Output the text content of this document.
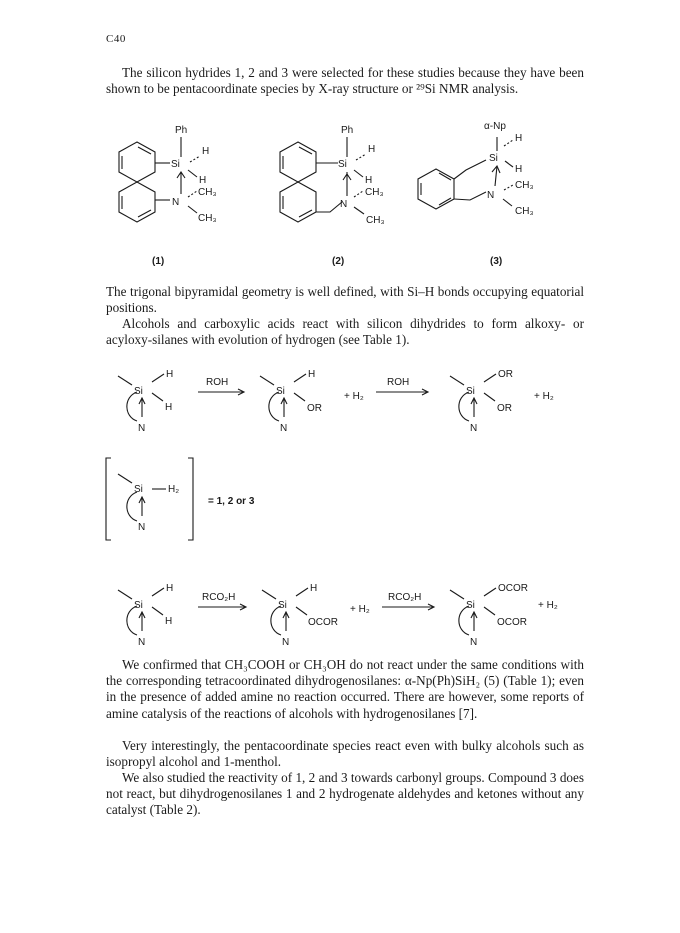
C40

The silicon hydrides 1, 2 and 3 were selected for these studies because they have been shown to be pentacoordinate species by X-ray structure or ²⁹Si NMR analysis.

Ph
H
Si
H
N
CH₃
CH₃
(1)
Ph
H
Si
H
N
CH₃
CH₃
(2)
α-Np
H
Si
H
N
CH₃
CH₃
(3)

The trigonal bipyramidal geometry is well defined, with Si–H bonds occupying equatorial positions.

Alcohols and carboxylic acids react with silicon dihydrides to form alkoxy- or acyloxy-silanes with evolution of hydrogen (see Table 1).

Si
H
H
N
ROH
Si
H
OR
N
+ H₂
ROH
Si
OR
OR
N
+ H₂
Si	H₂
N
= 1, 2 or 3
Si
H
H
N
RCO₂H
Si
H
OCOR
N
+ H₂
RCO₂H
Si
OCOR
OCOR
N
+ H₂

We confirmed that CH₃COOH or CH₃OH do not react under the same conditions with the corresponding tetracoordinated dihydrogenosilanes: α-Np(Ph)SiH₂ (5) (Table 1); even in the presence of added amine no reaction occurred. There are however, some reports of amine catalysis of the reactions of alcohols with hydrogenosilanes [7].

Very interestingly, the pentacoordinate species react even with bulky alcohols such as isopropyl alcohol and 1-menthol.

We also studied the reactivity of 1, 2 and 3 towards carbonyl groups. Compound 3 does not react, but dihydrogenosilanes 1 and 2 hydrogenate aldehydes and ketones without any catalyst (Table 2).
